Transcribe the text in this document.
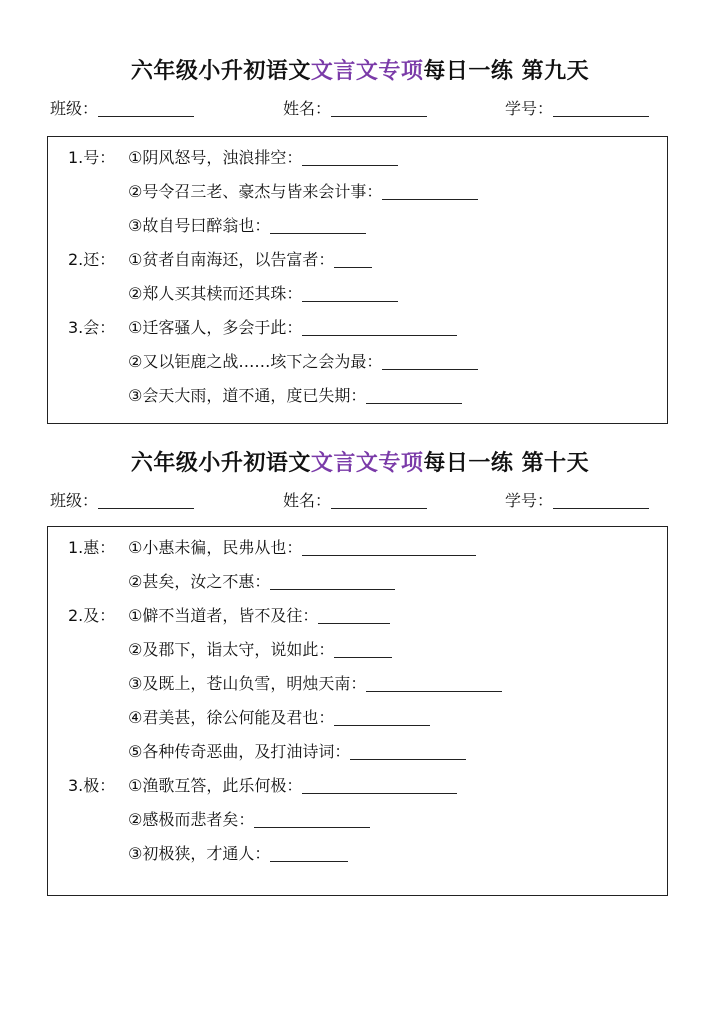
六年级小升初语文文言文专项每日一练 第九天
班级：	姓名：	学号：
1.号： ①阴风怒号，浊浪排空：
②号令召三老、豪杰与皆来会计事：
③故自号曰醉翁也：
2.还： ①贫者自南海还，以告富者：
②郑人买其椟而还其珠：
3.会： ①迁客骚人，多会于此：
②又以钜鹿之战……垓下之会为最：
③会天大雨，道不通，度已失期：
六年级小升初语文文言文专项每日一练 第十天
班级：	姓名：	学号：
1.惠： ①小惠未徧，民弗从也：
②甚矣，汝之不惠：
2.及： ①僻不当道者，皆不及往：
②及郡下，诣太守，说如此：
③及既上，苍山负雪，明烛天南：
④君美甚，徐公何能及君也：
⑤各种传奇恶曲，及打油诗词：
3.极： ①渔歌互答，此乐何极：
②感极而悲者矣：
③初极狭，才通人：
